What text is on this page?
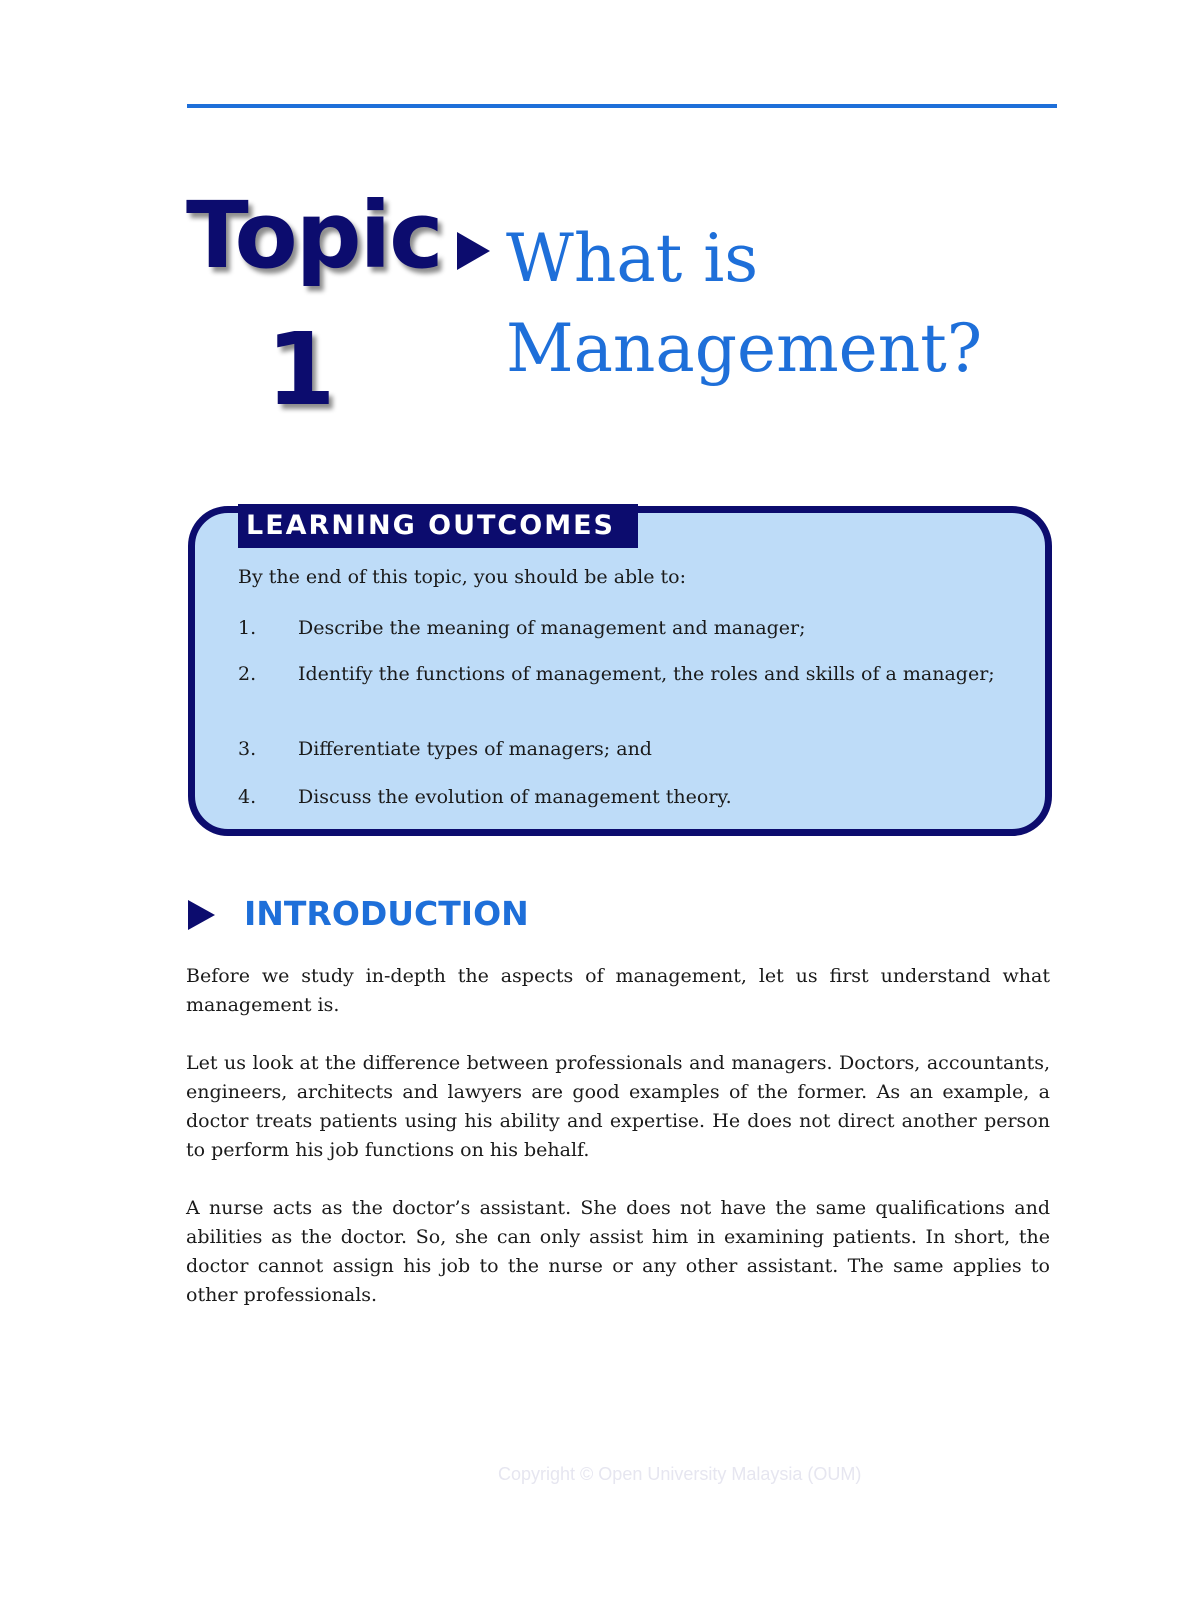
Topic
1
What is Management?
LEARNING OUTCOMES
By the end of this topic, you should be able to:
1. Describe the meaning of management and manager;
2. Identify the functions of management, the roles and skills of a manager;
3. Differentiate types of managers; and
4. Discuss the evolution of management theory.
INTRODUCTION

Before we study in-depth the aspects of management, let us first understand what management is.

Let us look at the difference between professionals and managers. Doctors, accountants, engineers, architects and lawyers are good examples of the former. As an example, a doctor treats patients using his ability and expertise. He does not direct another person to perform his job functions on his behalf.

A nurse acts as the doctor’s assistant. She does not have the same qualifications and abilities as the doctor. So, she can only assist him in examining patients. In short, the doctor cannot assign his job to the nurse or any other assistant. The same applies to other professionals.

Copyright © Open University Malaysia (OUM)
